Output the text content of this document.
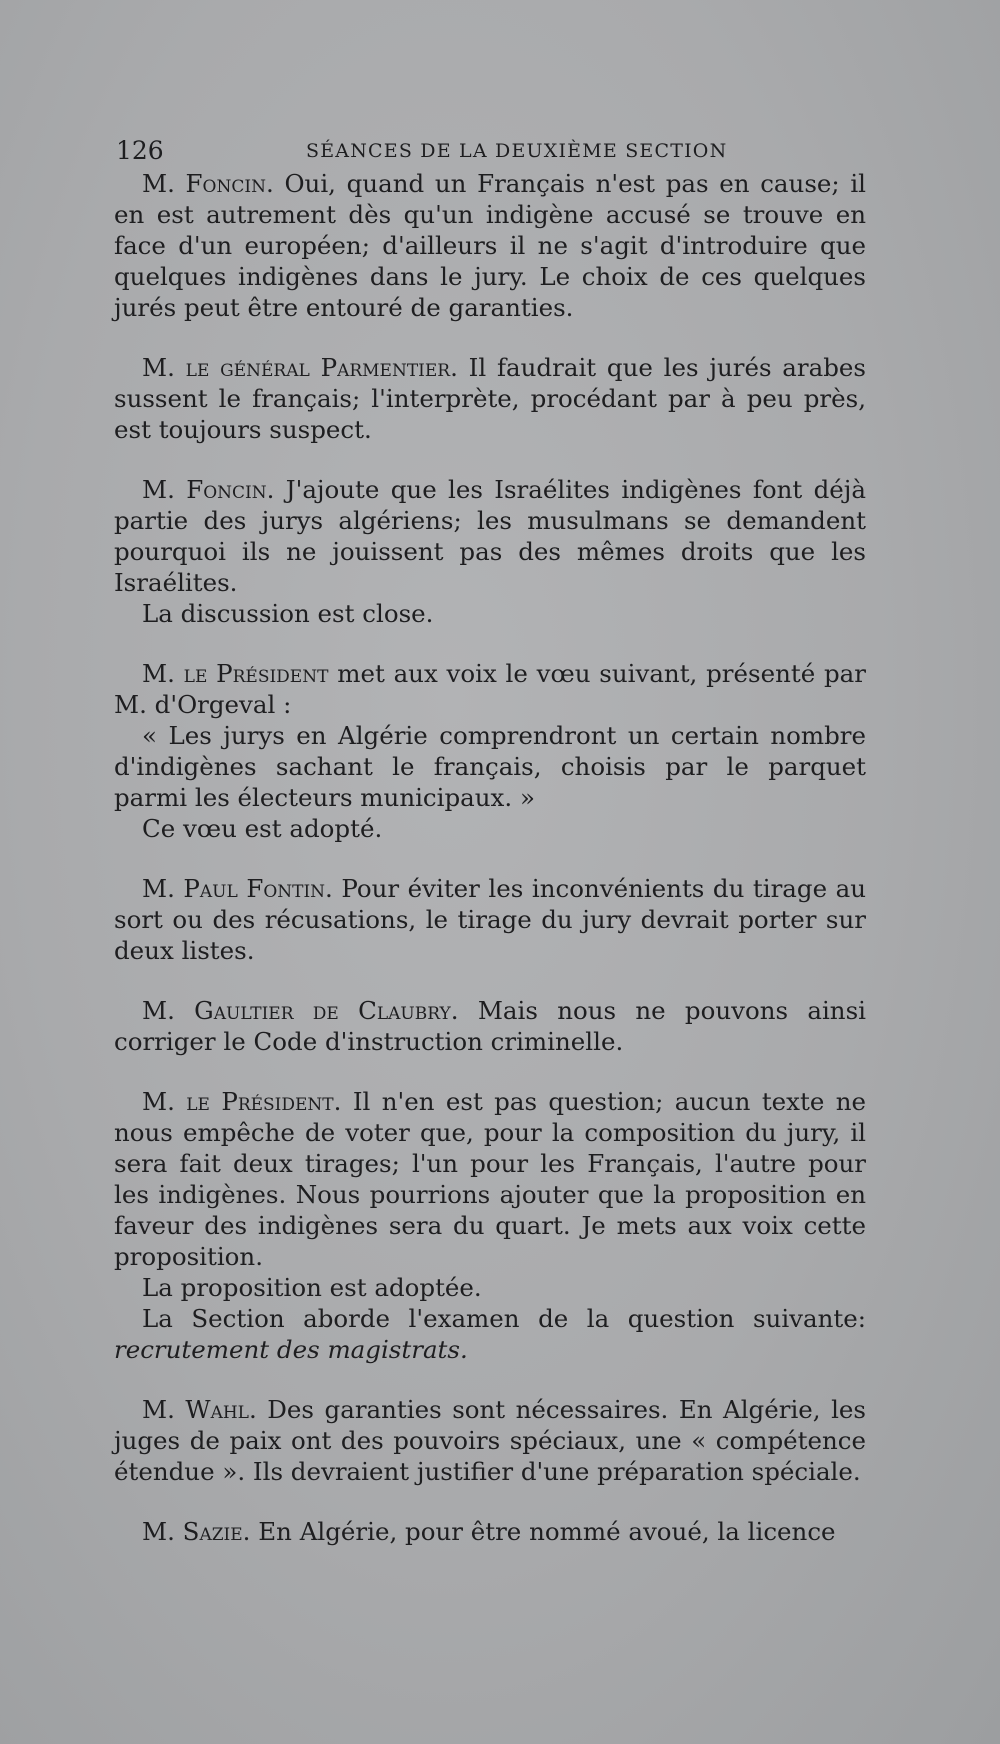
126	SÉANCES DE LA DEUXIÈME SECTION

M. Foncin. Oui, quand un Français n'est pas en cause; il en est autrement dès qu'un indigène accusé se trouve en face d'un européen; d'ailleurs il ne s'agit d'introduire que quelques indigènes dans le jury. Le choix de ces quelques jurés peut être entouré de garanties.

M. le général Parmentier. Il faudrait que les jurés arabes sussent le français; l'interprète, procédant par à peu près, est toujours suspect.

M. Foncin. J'ajoute que les Israélites indigènes font déjà partie des jurys algériens; les musulmans se demandent pourquoi ils ne jouissent pas des mêmes droits que les Israélites.

La discussion est close.

M. le Président met aux voix le vœu suivant, présenté par M. d'Orgeval :

« Les jurys en Algérie comprendront un certain nombre d'indigènes sachant le français, choisis par le parquet parmi les électeurs municipaux. »

Ce vœu est adopté.

M. Paul Fontin. Pour éviter les inconvénients du tirage au sort ou des récusations, le tirage du jury devrait porter sur deux listes.

M. Gaultier de Claubry. Mais nous ne pouvons ainsi corriger le Code d'instruction criminelle.

M. le Président. Il n'en est pas question; aucun texte ne nous empêche de voter que, pour la composition du jury, il sera fait deux tirages; l'un pour les Français, l'autre pour les indigènes. Nous pourrions ajouter que la proposition en faveur des indigènes sera du quart. Je mets aux voix cette proposition.

La proposition est adoptée.

La Section aborde l'examen de la question suivante: recrutement des magistrats.

M. Wahl. Des garanties sont nécessaires. En Algérie, les juges de paix ont des pouvoirs spéciaux, une « compétence étendue ». Ils devraient justifier d'une préparation spéciale.

M. Sazie. En Algérie, pour être nommé avoué, la licence
